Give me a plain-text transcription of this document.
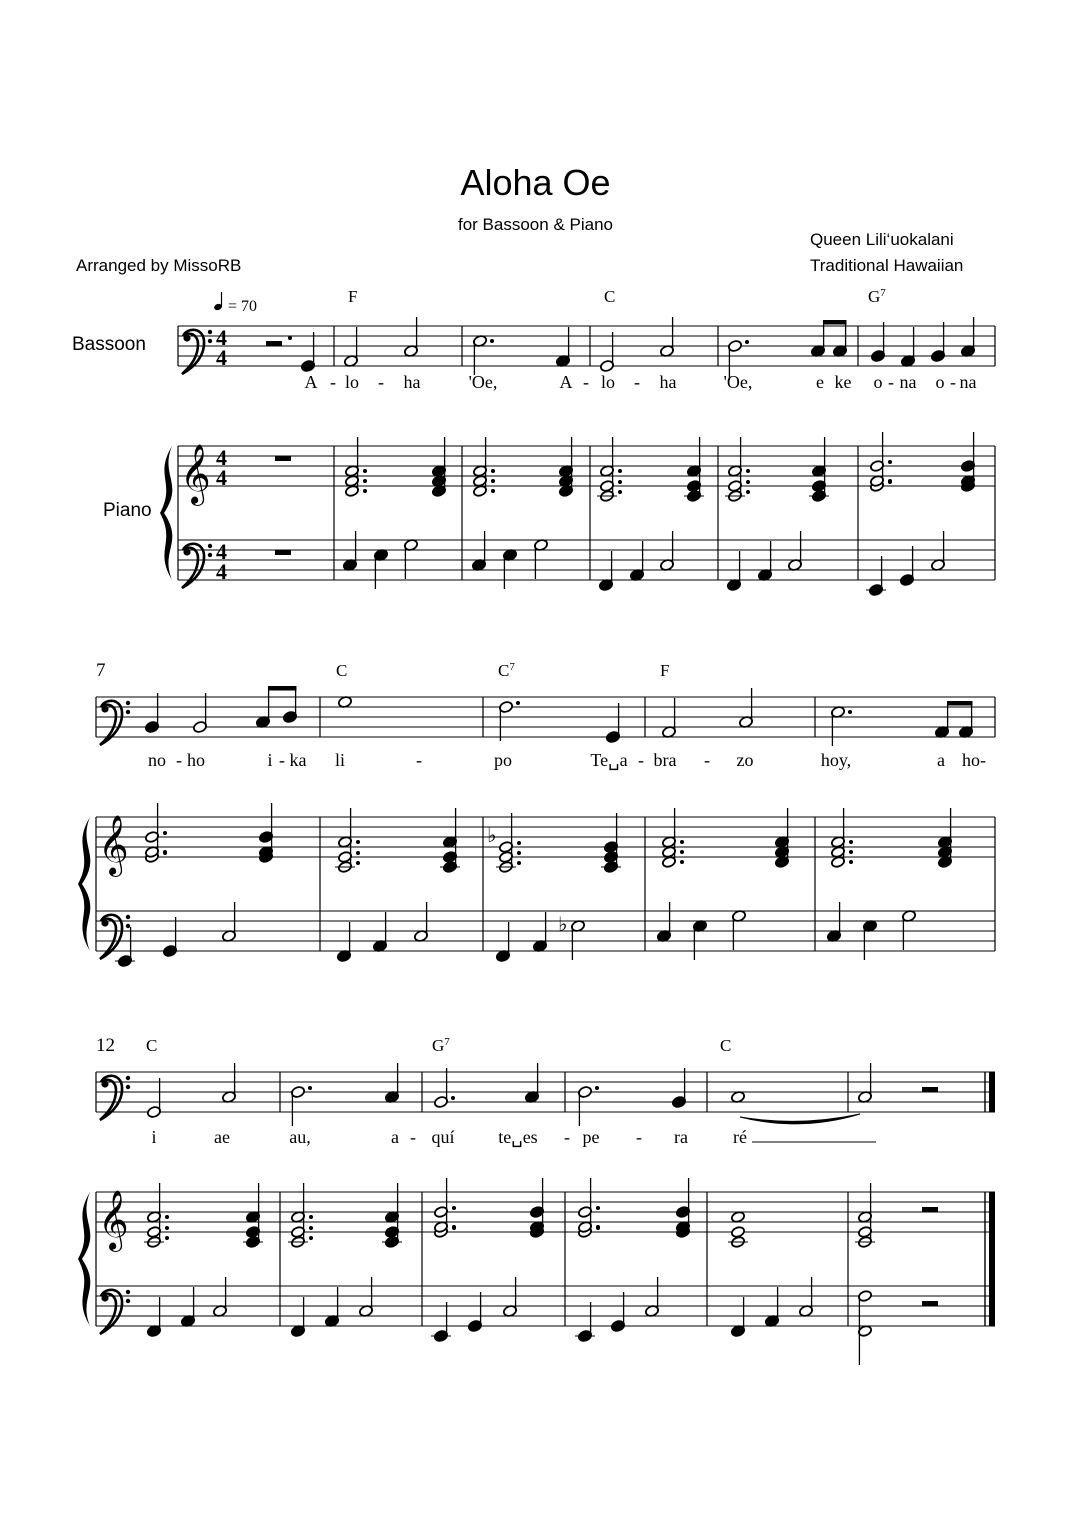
Aloha Oe
for Bassoon & Piano
Queen Lili‘uokalani
Traditional Hawaiian
Arranged by MissoRB
𝄞
4
4
4
4
4
4
Bassoon
Piano
= 70
F	C	$G^7$
A - lo - ha	'Oe,	A - lo - ha	'Oe,	e ke o - na o - na
𝄞
7	C	$C^7$	F
no - ho	i - ka li	-	po	Te␣a - bra - zo	hoy,	a ho-
♭
♭
𝄞
12 C	$G^7$	C
i	ae	au,	a - quí te␣es - pe - ra	ré
